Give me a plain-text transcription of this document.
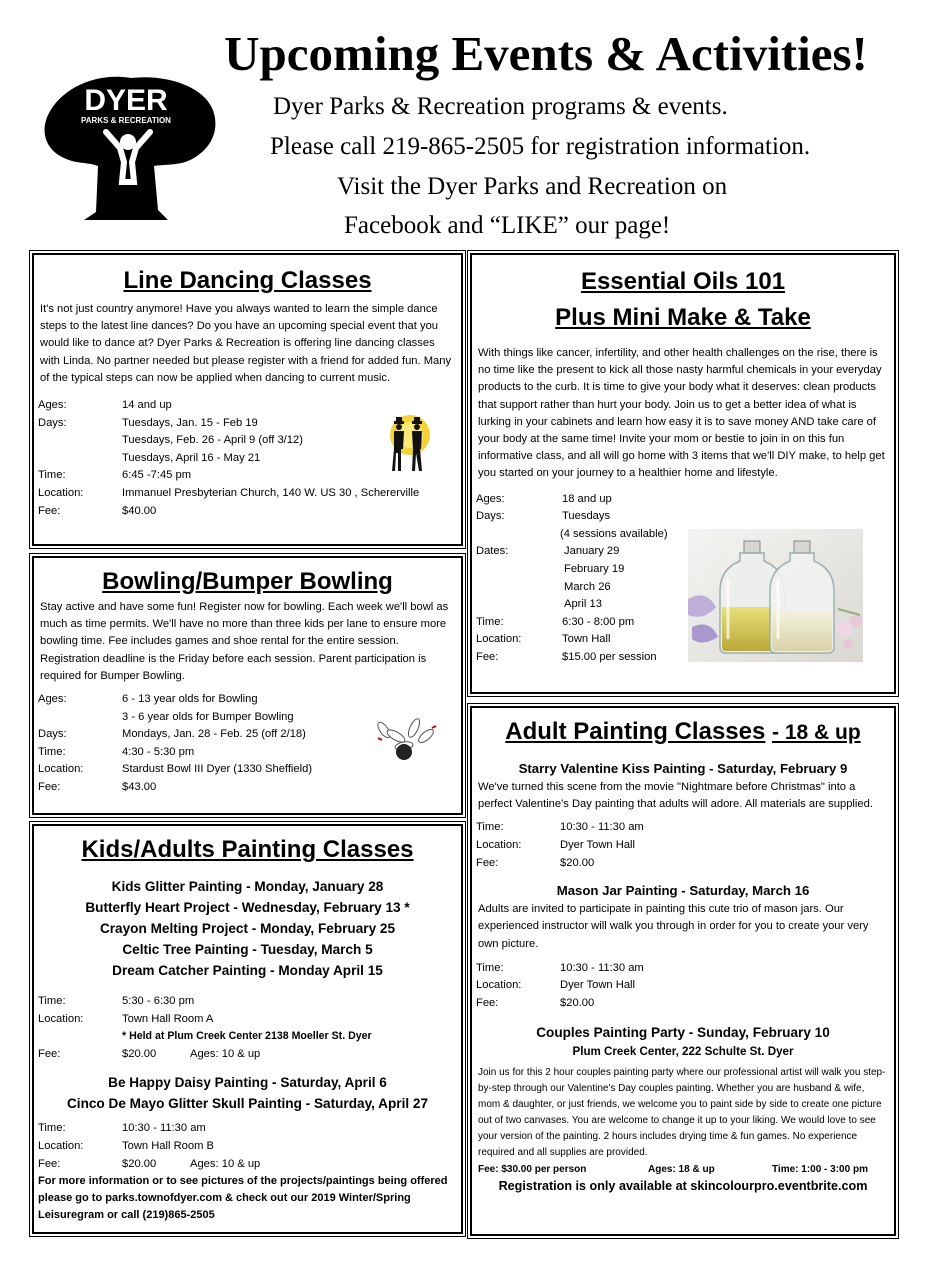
DYER
PARKS & RECREATION
Upcoming Events & Activities!
Dyer Parks & Recreation programs & events.
Please call 219-865-2505 for registration information.
Visit the Dyer Parks and Recreation on
Facebook and “LIKE” our page!
Line Dancing Classes
It's not just country anymore! Have you always wanted to learn the simple dance steps to the latest line dances? Do you have an upcoming special event that you would like to dance at? Dyer Parks & Recreation is offering line dancing classes with Linda. No partner needed but please register with a friend for added fun. Many of the typical steps can now be applied when dancing to current music.
Ages:	14 and up
Days:	Tuesdays, Jan. 15 - Feb 19
Tuesdays, Feb. 26 - April 9 (off 3/12)
Tuesdays, April 16 - May 21
Time:	6:45 -7:45 pm
Location:	Immanuel Presbyterian Church, 140 W. US 30 , Schererville
Fee:	$40.00
Bowling/Bumper Bowling
Stay active and have some fun! Register now for bowling. Each week we'll bowl as much as time permits. We'll have no more than three kids per lane to ensure more bowling time. Fee includes games and shoe rental for the entire session. Registration deadline is the Friday before each session. Parent participation is required for Bumper Bowling.
Ages:	6 - 13 year olds for Bowling
3 - 6 year olds for Bumper Bowling
Days:	Mondays, Jan. 28 - Feb. 25 (off 2/18)
Time:	4:30 - 5:30 pm
Location:	Stardust Bowl III Dyer (1330 Sheffield)
Fee:	$43.00
Kids/Adults Painting Classes
Kids Glitter Painting - Monday, January 28
Butterfly Heart Project - Wednesday, February 13 *
Crayon Melting Project - Monday, February 25
Celtic Tree Painting - Tuesday, March 5
Dream Catcher Painting - Monday April 15
Time:	5:30 - 6:30 pm
Location:	Town Hall Room A
* Held at Plum Creek Center 2138 Moeller St. Dyer
Fee:	$20.00	Ages: 10 & up
Be Happy Daisy Painting - Saturday, April 6
Cinco De Mayo Glitter Skull Painting - Saturday, April 27
Time:	10:30 - 11:30 am
Location:	Town Hall Room B
Fee:	$20.00	Ages: 10 & up
For more information or to see pictures of the projects/paintings being offered please go to parks.townofdyer.com & check out our 2019 Winter/Spring Leisuregram or call (219)865-2505
Essential Oils 101
Plus Mini Make & Take
With things like cancer, infertility, and other health challenges on the rise, there is no time like the present to kick all those nasty harmful chemicals in your everyday products to the curb. It is time to give your body what it deserves: clean products that support rather than hurt your body. Join us to get a better idea of what is lurking in your cabinets and learn how easy it is to save money AND take care of your body at the same time! Invite your mom or bestie to join in on this fun informative class, and all will go home with 3 items that we'll DIY make, to help get you started on your journey to a healthier home and lifestyle.
Ages:	18 and up
Days:	Tuesdays
(4 sessions available)
Dates:	January 29
February 19
March 26
April 13
Time:	6:30 - 8:00 pm
Location:	Town Hall
Fee:	$15.00 per session
Adult Painting Classes - 18 & up
Starry Valentine Kiss Painting - Saturday, February 9
We've turned this scene from the movie "Nightmare before Christmas" into a perfect Valentine's Day painting that adults will adore. All materials are supplied.
Time:	10:30 - 11:30 am
Location:	Dyer Town Hall
Fee:	$20.00
Mason Jar Painting - Saturday, March 16
Adults are invited to participate in painting this cute trio of mason jars. Our experienced instructor will walk you through in order for you to create your very own picture.
Time:	10:30 - 11:30 am
Location:	Dyer Town Hall
Fee:	$20.00
Couples Painting Party - Sunday, February 10
Plum Creek Center, 222 Schulte St. Dyer
Join us for this 2 hour couples painting party where our professional artist will walk you step-by-step through our Valentine's Day couples painting. Whether you are husband & wife, mom & daughter, or just friends, we welcome you to paint side by side to create one picture out of two canvases. You are welcome to change it up to your liking. We would love to see your version of the painting. 2 hours includes drying time & fun games. No experience required and all supplies are provided.
Fee: $30.00 per person	Ages: 18 & up	Time: 1:00 - 3:00 pm
Registration is only available at skincolourpro.eventbrite.com
